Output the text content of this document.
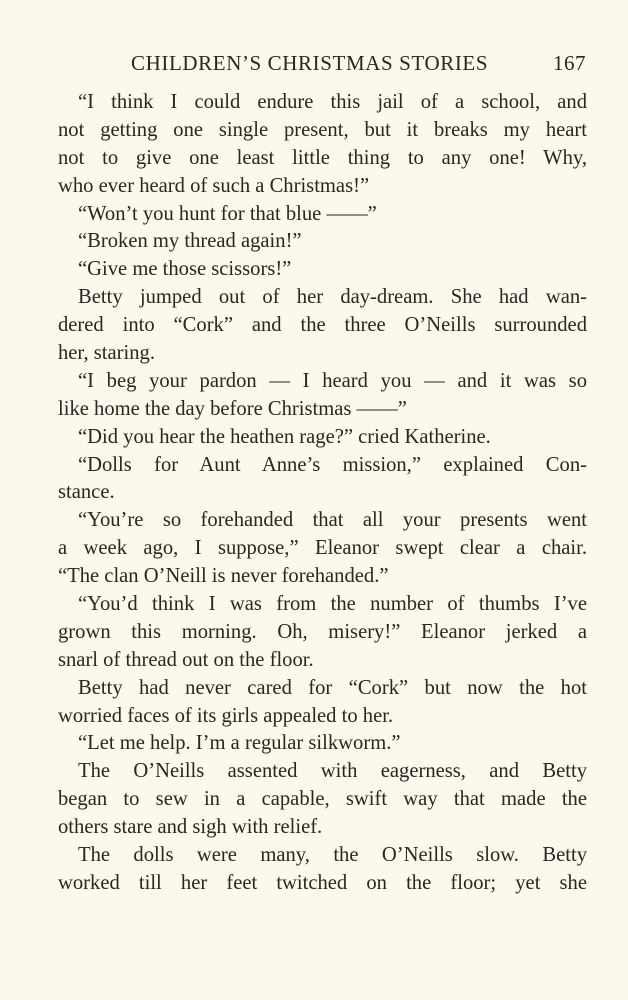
CHILDREN’S CHRISTMAS STORIES	167
“I think I could endure this jail of a school, and
not getting one single present, but it breaks my heart
not to give one least little thing to any one! Why,
who ever heard of such a Christmas!”
“Won’t you hunt for that blue ——”
“Broken my thread again!”
“Give me those scissors!”
Betty jumped out of her day-dream. She had wan-
dered into “Cork” and the three O’Neills surrounded
her, staring.
“I beg your pardon — I heard you — and it was so
like home the day before Christmas ——”
“Did you hear the heathen rage?” cried Katherine.
“Dolls for Aunt Anne’s mission,” explained Con-
stance.
“You’re so forehanded that all your presents went
a week ago, I suppose,” Eleanor swept clear a chair.
“The clan O’Neill is never forehanded.”
“You’d think I was from the number of thumbs I’ve
grown this morning. Oh, misery!” Eleanor jerked a
snarl of thread out on the floor.
Betty had never cared for “Cork” but now the hot
worried faces of its girls appealed to her.
“Let me help. I’m a regular silkworm.”
The O’Neills assented with eagerness, and Betty
began to sew in a capable, swift way that made the
others stare and sigh with relief.
The dolls were many, the O’Neills slow. Betty
worked till her feet twitched on the floor; yet she
